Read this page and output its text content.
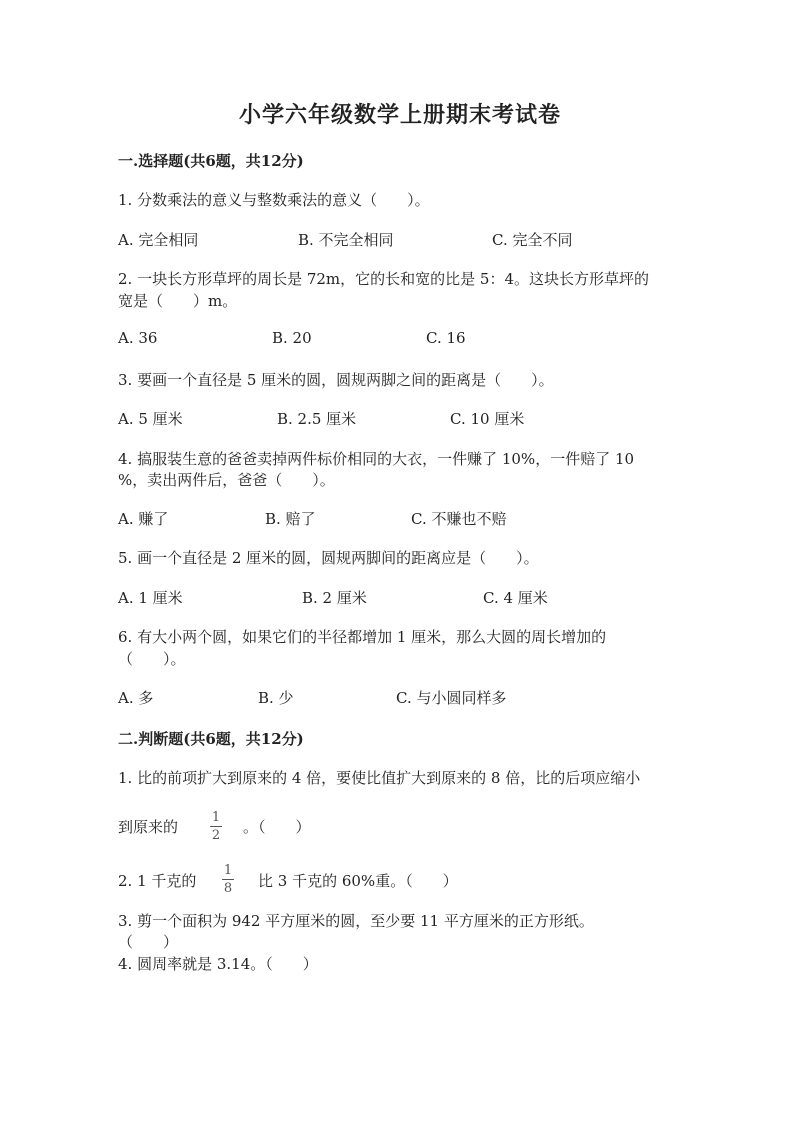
小学六年级数学上册期末考试卷
一.选择题(共6题，共12分)
1. 分数乘法的意义与整数乘法的意义（　　）。
A. 完全相同	B. 不完全相同	C. 完全不同
2. 一块长方形草坪的周长是 72m，它的长和宽的比是 5：4。这块长方形草坪的
宽是（　　）m。
A. 36	B. 20	C. 16
3. 要画一个直径是 5 厘米的圆，圆规两脚之间的距离是（　　）。
A. 5 厘米	B. 2.5 厘米	C. 10 厘米
4. 搞服装生意的爸爸卖掉两件标价相同的大衣，一件赚了 10%，一件赔了 10
%，卖出两件后，爸爸（　　）。
A. 赚了	B. 赔了	C. 不赚也不赔
5. 画一个直径是 2 厘米的圆，圆规两脚间的距离应是（　　）。
A. 1 厘米	B. 2 厘米	C. 4 厘米
6. 有大小两个圆，如果它们的半径都增加 1 厘米，那么大圆的周长增加的
（　　）。
A. 多	B. 少	C. 与小圆同样多
二.判断题(共6题，共12分)
1. 比的前项扩大到原来的 4 倍，要使比值扩大到原来的 8 倍，比的后项应缩小
到原来的
1
2 。（　　）
2. 1 千克的
1
8 比 3 千克的 60%重。（　　）
3. 剪一个面积为 942 平方厘米的圆，至少要 11 平方厘米的正方形纸。
（　　）
4. 圆周率就是 3.14。（　　）
